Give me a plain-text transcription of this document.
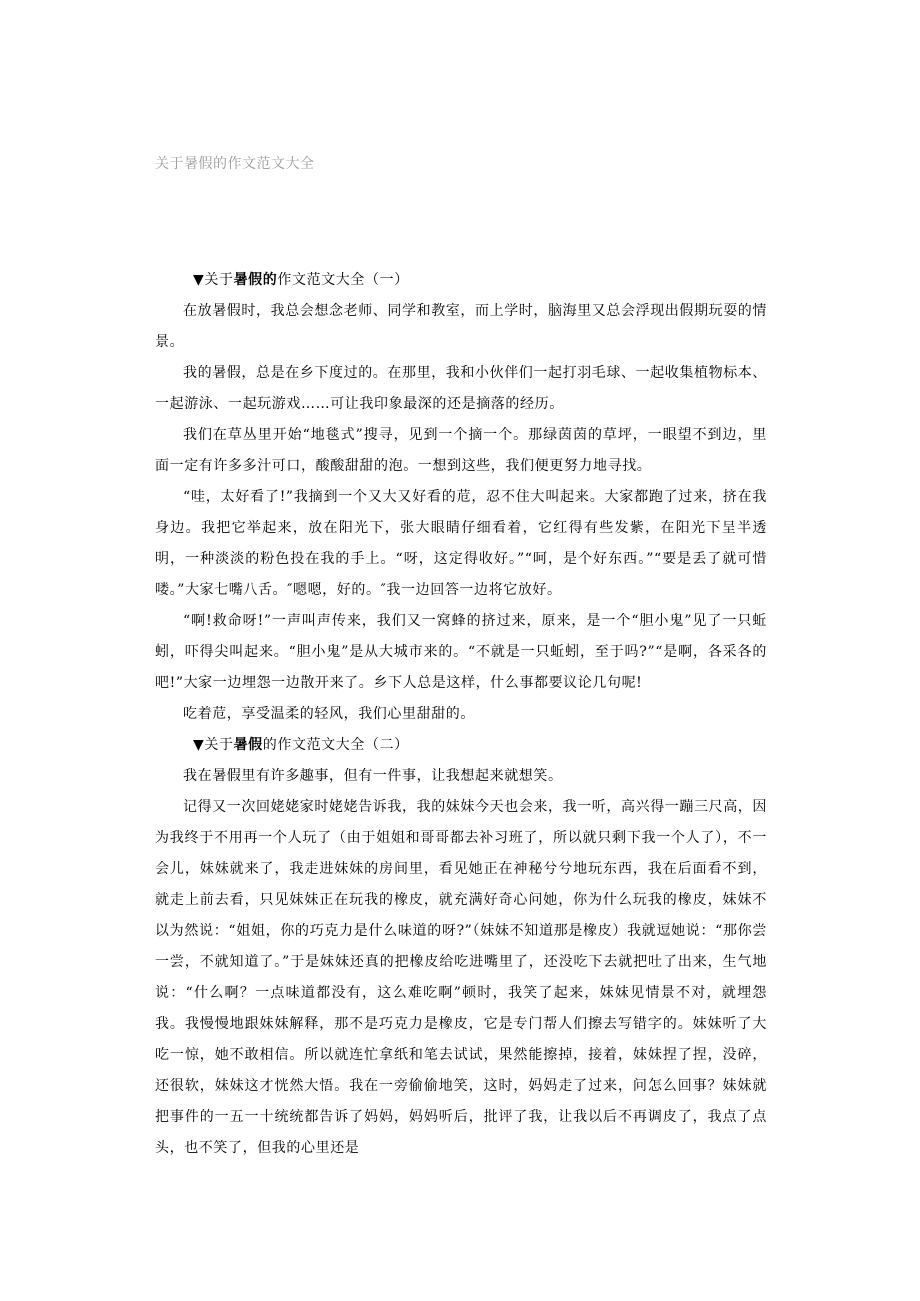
关于暑假的作文范文大全
▼关于暑假的作文范文大全（一）

在放暑假时，我总会想念老师、同学和教室，而上学时，脑海里又总会浮现出假期玩耍的情景。

我的暑假，总是在乡下度过的。在那里，我和小伙伴们一起打羽毛球、一起收集植物标本、一起游泳、一起玩游戏……可让我印象最深的还是摘落的经历。

我们在草丛里开始“地毯式”搜寻，见到一个摘一个。那绿茵茵的草坪，一眼望不到边，里面一定有许多多汁可口，酸酸甜甜的泡。一想到这些，我们便更努力地寻找。

“哇，太好看了!”我摘到一个又大又好看的苊，忍不住大叫起来。大家都跑了过来，挤在我身边。我把它举起来，放在阳光下，张大眼睛仔细看着，它红得有些发紫，在阳光下呈半透明，一种淡淡的粉色投在我的手上。“呀，这定得收好。”“呵，是个好东西。”“要是丢了就可惜喽。”大家七嘴八舌。″嗯嗯，好的。″我一边回答一边将它放好。

“啊!救命呀!”一声叫声传来，我们又一窝蜂的挤过来，原来，是一个“胆小鬼”见了一只蚯蚓，吓得尖叫起来。“胆小鬼”是从大城市来的。“不就是一只蚯蚓，至于吗?”“是啊，各采各的吧!”大家一边埋怨一边散开来了。乡下人总是这样，什么事都要议论几句呢!

吃着苊，享受温柔的轻风，我们心里甜甜的。

▼关于暑假的作文范文大全（二）

我在暑假里有许多趣事，但有一件事，让我想起来就想笑。

记得又一次回姥姥家时姥姥告诉我，我的妹妹今天也会来，我一听，高兴得一蹦三尺高，因为我终于不用再一个人玩了（由于姐姐和哥哥都去补习班了，所以就只剩下我一个人了），不一会儿，妹妹就来了，我走进妹妹的房间里，看见她正在神秘兮兮地玩东西，我在后面看不到，就走上前去看，只见妹妹正在玩我的橡皮，就充满好奇心问她，你为什么玩我的橡皮，妹妹不以为然说：“姐姐，你的巧克力是什么味道的呀?”（妹妹不知道那是橡皮）我就逗她说：“那你尝一尝，不就知道了。”于是妹妹还真的把橡皮给吃进嘴里了，还没吃下去就把吐了出来，生气地说：“什么啊？一点味道都没有，这么难吃啊”顿时，我笑了起来，妹妹见情景不对，就埋怨我。我慢慢地跟妹妹解释，那不是巧克力是橡皮，它是专门帮人们擦去写错字的。妹妹听了大吃一惊，她不敢相信。所以就连忙拿纸和笔去试试，果然能擦掉，接着，妹妹捏了捏，没碎，还很软，妹妹这才恍然大悟。我在一旁偷偷地笑，这时，妈妈走了过来，问怎么回事？妹妹就把事件的一五一十统统都告诉了妈妈，妈妈听后，批评了我，让我以后不再调皮了，我点了点头，也不笑了，但我的心里还是
